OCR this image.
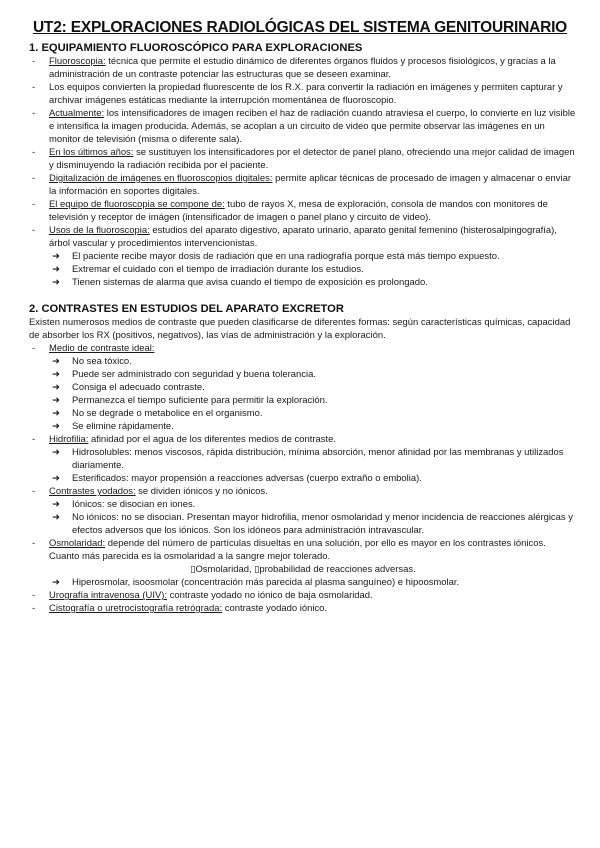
UT2: EXPLORACIONES RADIOLÓGICAS DEL SISTEMA GENITOURINARIO

1. EQUIPAMIENTO FLUOROSCÓPICO PARA EXPLORACIONES

- Fluoroscopia: técnica que permite el estudio dinámico de diferentes órganos fluidos y procesos fisiológicos, y gracias a la administración de un contraste potenciar las estructuras que se deseen examinar.
- Los equipos convierten la propiedad fluorescente de los R.X. para convertir la radiación en imágenes y permiten capturar y archivar imágenes estáticas mediante la interrupción momentánea de fluoroscopio.
- Actualmente: los intensificadores de imagen reciben el haz de radiación cuando atraviesa el cuerpo, lo convierte en luz visible e intensifica la imagen producida. Además, se acoplan a un circuito de video que permite observar las imágenes en un monitor de televisión (misma o diferente sala).
- En los últimos años: se sustituyen los intensificadores por el detector de panel plano, ofreciendo una mejor calidad de imagen y disminuyendo la radiación recibida por el paciente.
- Digitalización de imágenes en fluoroscopios digitales: permite aplicar técnicas de procesado de imagen y almacenar o enviar la información en soportes digitales.
- El equipo de fluoroscopia se compone de: tubo de rayos X, mesa de exploración, consola de mandos con monitores de televisión y receptor de imágen (intensificador de imagen o panel plano y circuito de video).
- Usos de la fluoroscopia: estudios del aparato digestivo, aparato urinario, aparato genital femenino (histerosalpingografía), árbol vascular y procedimientos intervencionistas.
➜ El paciente recibe mayor dosis de radiación que en una radiografía porque está más tiempo expuesto.
➜ Extremar el cuidado con el tiempo de irradiación durante los estudios.
➜ Tienen sistemas de alarma que avisa cuando el tiempo de exposición es prolongado.

2. CONTRASTES EN ESTUDIOS DEL APARATO EXCRETOR

Existen numerosos medios de contraste que pueden clasificarse de diferentes formas: según características químicas, capacidad de absorber los RX (positivos, negativos), las vías de administración y la exploración.

- Medio de contraste ideal:
➜ No sea tóxico.
➜ Puede ser administrado con seguridad y buena tolerancia.
➜ Consiga el adecuado contraste.
➜ Permanezca el tiempo suficiente para permitir la exploración.
➜ No se degrade o metabolice en el organismo.
➜ Se elimine rápidamente.
- Hidrofilia: afinidad por el agua de los diferentes medios de contraste.
➜ Hidrosolubles: menos viscosos, rápida distribución, mínima absorción, menor afinidad por las membranas y utilizados diariamente.
➜ Esterificados: mayor propensión a reacciones adversas (cuerpo extraño o embolia).
- Contrastes yodados: se dividen iónicos y no iónicos.
➜ Iónicos: se disocian en iones.
➜ No iónicos: no se disocian. Presentan mayor hidrofilia, menor osmolaridad y menor incidencia de reacciones alérgicas y efectos adversos que los iónicos. Son los idóneos para administración intravascular.
- Osmolaridad: depende del número de partículas disueltas en una solución, por ello es mayor en los contrastes iónicos. Cuanto más parecida es la osmolaridad a la sangre mejor tolerado.
▯Osmolaridad, ▯probabilidad de reacciones adversas.
➜ Hiperosmolar, isoosmolar (concentración más parecida al plasma sanguíneo) e hipoosmolar.
- Urografía intravenosa (UIV): contraste yodado no iónico de baja osmolaridad.
- Cistografía o uretrocistografía retrógrada: contraste yodado iónico.
